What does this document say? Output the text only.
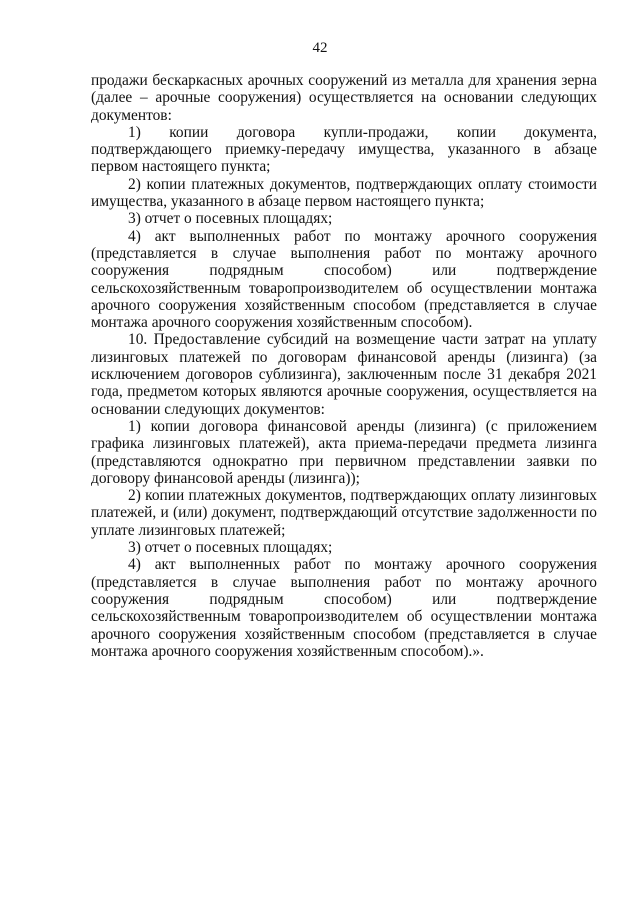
42

продажи бескаркасных арочных сооружений из металла для хранения зерна (далее – арочные сооружения) осуществляется на основании следующих документов:

1) копии договора купли-продажи, копии документа, подтверждающего приемку-передачу имущества, указанного в абзаце первом настоящего пункта;

2) копии платежных документов, подтверждающих оплату стоимости имущества, указанного в абзаце первом настоящего пункта;

3) отчет о посевных площадях;

4) акт выполненных работ по монтажу арочного сооружения (представляется в случае выполнения работ по монтажу арочного сооружения подрядным способом) или подтверждение сельскохозяйственным товаропроизводителем об осуществлении монтажа арочного сооружения хозяйственным способом (представляется в случае монтажа арочного сооружения хозяйственным способом).

10. Предоставление субсидий на возмещение части затрат на уплату лизинговых платежей по договорам финансовой аренды (лизинга) (за исключением договоров сублизинга), заключенным после 31 декабря 2021 года, предметом которых являются арочные сооружения, осуществляется на основании следующих документов:

1) копии договора финансовой аренды (лизинга) (с приложением графика лизинговых платежей), акта приема-передачи предмета лизинга (представляются однократно при первичном представлении заявки по договору финансовой аренды (лизинга));

2) копии платежных документов, подтверждающих оплату лизинговых платежей, и (или) документ, подтверждающий отсутствие задолженности по уплате лизинговых платежей;

3) отчет о посевных площадях;

4) акт выполненных работ по монтажу арочного сооружения (представляется в случае выполнения работ по монтажу арочного сооружения подрядным способом) или подтверждение сельскохозяйственным товаропроизводителем об осуществлении монтажа арочного сооружения хозяйственным способом (представляется в случае монтажа арочного сооружения хозяйственным способом).».
